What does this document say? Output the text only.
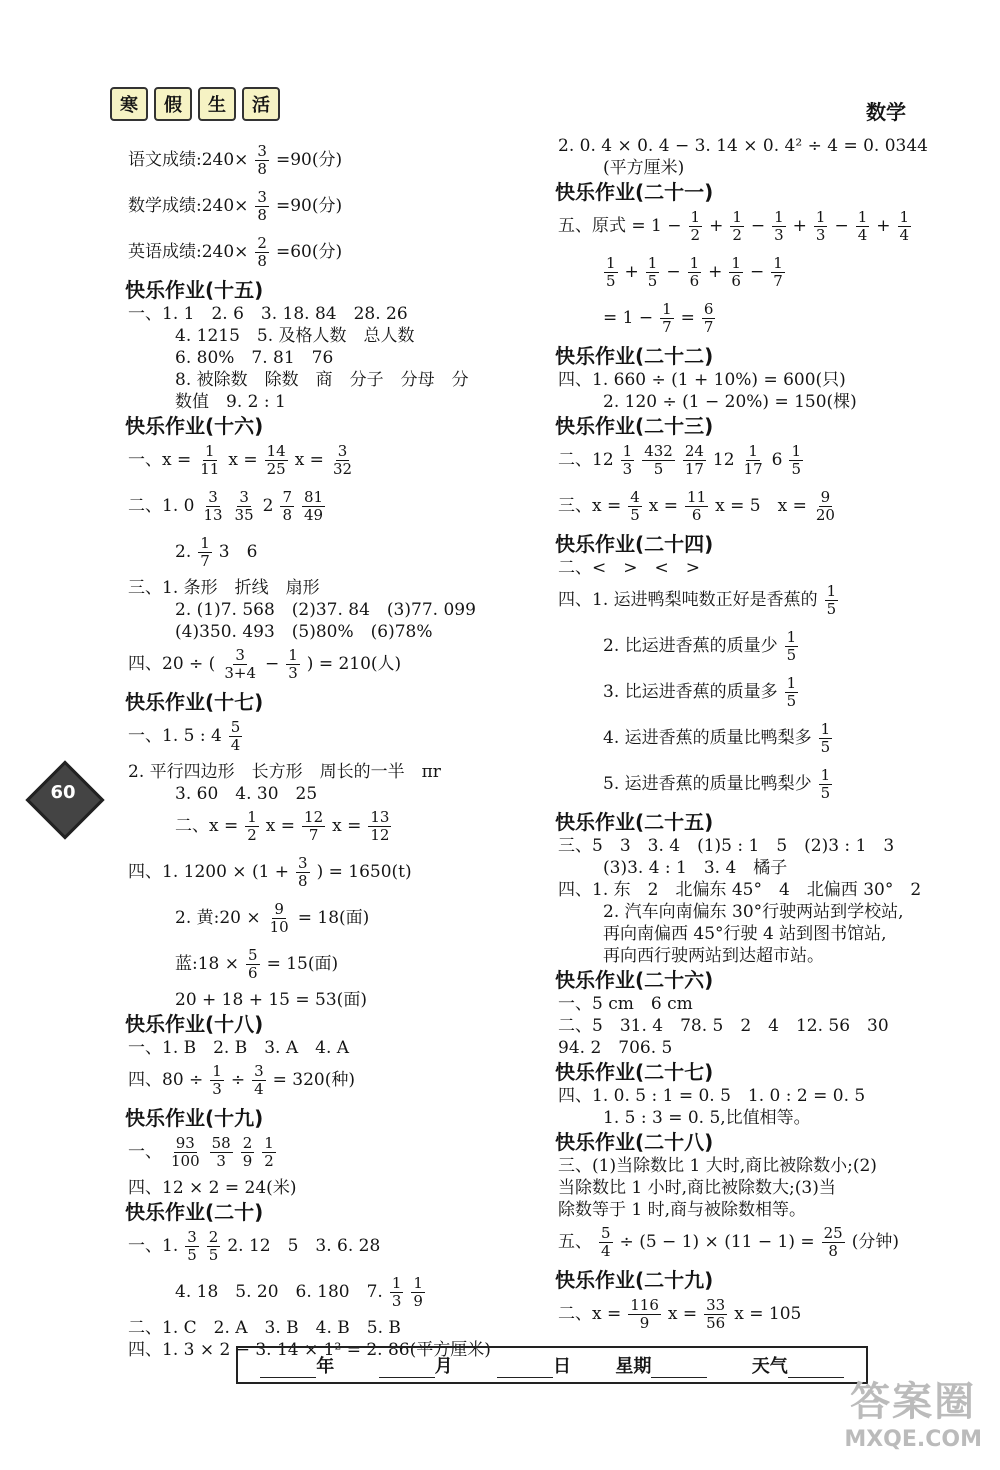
寒	假	生	活	数学
60
语文成绩:240× $\frac{3}{8} =90$(分)
数学成绩:240× $\frac{3}{8} =90$(分)
英语成绩:240× $\frac{2}{8} =60$(分)
快乐作业(十五)
一、1. 1　2. 6　3. 18. 84　28. 26
4. 1215　5. 及格人数　总人数
6. 80%　7. 81　76
8. 被除数　除数　商　分子　分母　分
数值　9. 2 : 1
快乐作业(十六)
一、$x = \frac{1}{11}$ $x = \frac{14}{25}$ $x = \frac{3}{32}$
二、1. $0 \frac{3}{13} \frac{3}{35} 2 \frac{7}{8} \frac{81}{49}$
2. $\frac{1}{7} 3$　6
三、1. 条形　折线　扇形
2. (1)7. 568　(2)37. 84　(3)77. 099
(4)350. 493　(5)80%　(6)78%
四、20 ÷ ( $\frac{3}{3+4} - \frac{1}{3}$ ) = 210(人)
快乐作业(十七)
一、1. 5 : $4 \frac{5}{4}$
2. 平行四边形　长方形　周长的一半　πr
3. 60　4. 30　25
二、$x = \frac{1}{2}$ $x = \frac{12}{7}$ $x = \frac{13}{12}$
四、1. $1200 \times (1 + \frac{3}{8}$ ) = 1650(t)
2. 黄:20 × $\frac{9}{10} = 18$(面)
蓝:18 × $\frac{5}{6} = 15$(面)
20 + 18 + 15 = 53(面)
快乐作业(十八)
一、1. B　2. B　3. A　4. A
四、$80 \div \frac{1}{3} \div \frac{3}{4} = 320$(种)
快乐作业(十九)
一、 $\frac{93}{100} \frac{58}{3} \frac{2}{9} \frac{1}{2}$
四、12 × 2 = 24(米)
快乐作业(二十)
一、1. $\frac{3}{5} \frac{2}{5} 2$. 12　5　3. 6. 28
4. 18　5. 20　6. 180　7. $\frac{1}{3} \frac{1}{9}$
二、1. C　2. A　3. B　4. B　5. B
四、1. 3 × 2 − 3. 14 × 1² = 2. 86(平方厘米)
2. 0. 4 × 0. 4 − 3. 14 × 0. 4² ÷ 4 = 0. 0344
(平方厘米)
快乐作业(二十一)
五、原式 = $1 - \frac{1}{2} + \frac{1}{2} - \frac{1}{3} + \frac{1}{3} - \frac{1}{4} + \frac{1}{4}$
$\frac{1}{5} + \frac{1}{5} - \frac{1}{6} + \frac{1}{6} - \frac{1}{7}$
= $1 - \frac{1}{7} = \frac{6}{7}$
快乐作业(二十二)
四、1. 660 ÷ (1 + 10%) = 600(只)
2. 120 ÷ (1 − 20%) = 150(棵)
快乐作业(二十三)
二、$12 \frac{1}{3} \frac{432}{5} \frac{24}{17} 12 \frac{1}{17} 6 \frac{1}{5}$
三、$x = \frac{4}{5}$ $x = \frac{11}{6}$ x = 5　$x = \frac{9}{20}$
快乐作业(二十四)
二、<　>　<　>
四、1. 运进鸭梨吨数正好是香蕉的 $\frac{1}{5}$
2. 比运进香蕉的质量少 $\frac{1}{5}$
3. 比运进香蕉的质量多 $\frac{1}{5}$
4. 运进香蕉的质量比鸭梨多 $\frac{1}{5}$
5. 运进香蕉的质量比鸭梨少 $\frac{1}{5}$
快乐作业(二十五)
三、5　3　3. 4　(1)5 : 1　5　(2)3 : 1　3
(3)3. 4 : 1　3. 4　橘子
四、1. 东　2　北偏东 45°　4　北偏西 30°　2
2. 汽车向南偏东 30°行驶两站到学校站,
再向南偏西 45°行驶 4 站到图书馆站,
再向西行驶两站到达超市站。
快乐作业(二十六)
一、5 cm　6 cm
二、5　31. 4　78. 5　2　4　12. 56　30
94. 2　706. 5
快乐作业(二十七)
四、1. 0. 5 : 1 = 0. 5　1. 0 : 2 = 0. 5
1. 5 : 3 = 0. 5,比值相等。
快乐作业(二十八)
三、(1)当除数比 1 大时,商比被除数小;(2)
当除数比 1 小时,商比被除数大;(3)当
除数等于 1 时,商与被除数相等。
五、 $\frac{5}{4} \div (5 - 1) \times (11 - 1) = \frac{25}{8}$ (分钟)
快乐作业(二十九)
二、$x = \frac{116}{9}$ $x = \frac{33}{56}$ x = 105
　　年
　　	月
　　	日 星期　　	天气　　
答案圈
MXQE.COM
